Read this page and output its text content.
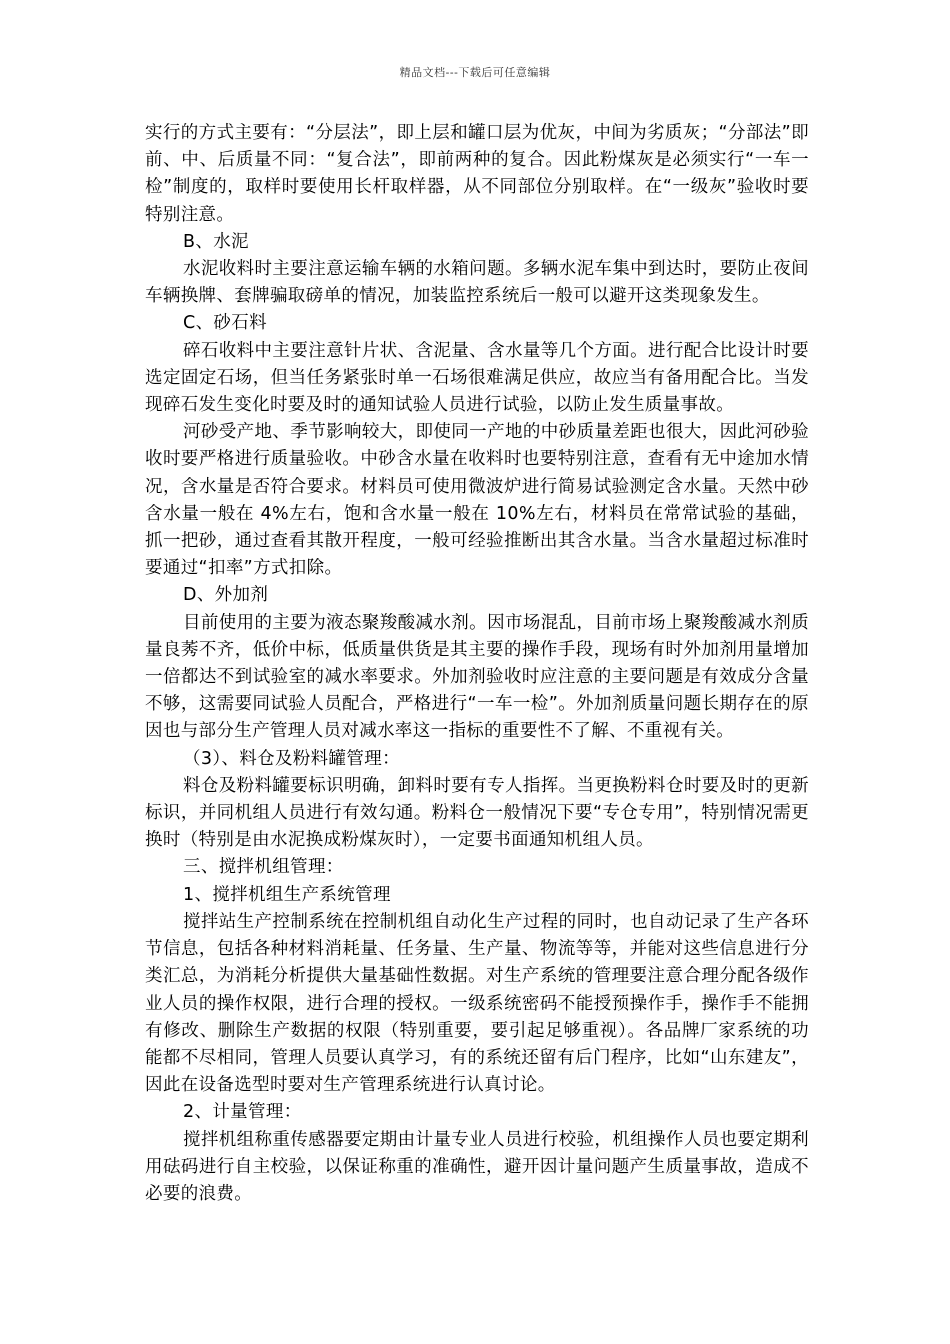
精品文档---下载后可任意编辑

实行的方式主要有：“分层法”，即上层和罐口层为优灰，中间为劣质灰；“分部法”即前、中、后质量不同：“复合法”，即前两种的复合。因此粉煤灰是必须实行“一车一检”制度的，取样时要使用长杆取样器，从不同部位分别取样。在“一级灰”验收时要特别注意。

B、水泥

水泥收料时主要注意运输车辆的水箱问题。多辆水泥车集中到达时，要防止夜间车辆换牌、套牌骗取磅单的情况，加装监控系统后一般可以避开这类现象发生。

C、砂石料

碎石收料中主要注意针片状、含泥量、含水量等几个方面。进行配合比设计时要选定固定石场，但当任务紧张时单一石场很难满足供应，故应当有备用配合比。当发现碎石发生变化时要及时的通知试验人员进行试验，以防止发生质量事故。

河砂受产地、季节影响较大，即使同一产地的中砂质量差距也很大，因此河砂验收时要严格进行质量验收。中砂含水量在收料时也要特别注意，查看有无中途加水情况，含水量是否符合要求。材料员可使用微波炉进行简易试验测定含水量。天然中砂含水量一般在 4%左右，饱和含水量一般在 10%左右，材料员在常常试验的基础，抓一把砂，通过查看其散开程度，一般可经验推断出其含水量。当含水量超过标准时要通过“扣率”方式扣除。

D、外加剂

目前使用的主要为液态聚羧酸减水剂。因市场混乱，目前市场上聚羧酸减水剂质量良莠不齐，低价中标，低质量供货是其主要的操作手段，现场有时外加剂用量增加一倍都达不到试验室的减水率要求。外加剂验收时应注意的主要问题是有效成分含量不够，这需要同试验人员配合，严格进行“一车一检”。外加剂质量问题长期存在的原因也与部分生产管理人员对减水率这一指标的重要性不了解、不重视有关。

（3）、料仓及粉料罐管理：

料仓及粉料罐要标识明确，卸料时要有专人指挥。当更换粉料仓时要及时的更新标识，并同机组人员进行有效勾通。粉料仓一般情况下要“专仓专用”，特别情况需更换时（特别是由水泥换成粉煤灰时），一定要书面通知机组人员。

三、搅拌机组管理：

1、搅拌机组生产系统管理

搅拌站生产控制系统在控制机组自动化生产过程的同时，也自动记录了生产各环节信息，包括各种材料消耗量、任务量、生产量、物流等等，并能对这些信息进行分类汇总，为消耗分析提供大量基础性数据。对生产系统的管理要注意合理分配各级作业人员的操作权限，进行合理的授权。一级系统密码不能授预操作手，操作手不能拥有修改、删除生产数据的权限（特别重要，要引起足够重视）。各品牌厂家系统的功能都不尽相同，管理人员要认真学习，有的系统还留有后门程序，比如“山东建友”，因此在设备选型时要对生产管理系统进行认真讨论。

2、计量管理：

搅拌机组称重传感器要定期由计量专业人员进行校验，机组操作人员也要定期利用砝码进行自主校验，以保证称重的准确性，避开因计量问题产生质量事故，造成不必要的浪费。
